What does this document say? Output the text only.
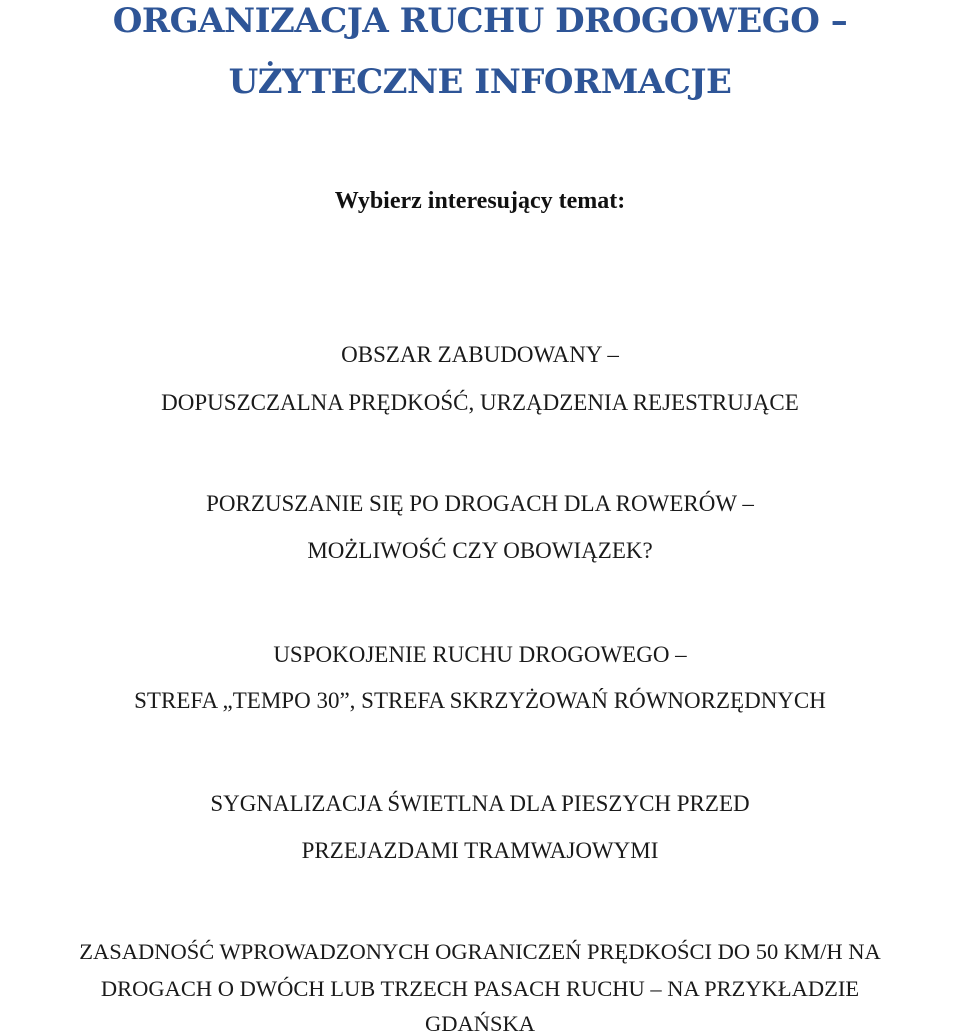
ORGANIZACJA RUCHU DROGOWEGO –
UŻYTECZNE INFORMACJE
Wybierz interesujący temat:
OBSZAR ZABUDOWANY –
DOPUSZCZALNA PRĘDKOŚĆ, URZĄDZENIA REJESTRUJĄCE
PORZUSZANIE SIĘ PO DROGACH DLA ROWERÓW –
MOŻLIWOŚĆ CZY OBOWIĄZEK?
USPOKOJENIE RUCHU DROGOWEGO –
STREFA „TEMPO 30”, STREFA SKRZYŻOWAŃ RÓWNORZĘDNYCH
SYGNALIZACJA ŚWIETLNA DLA PIESZYCH PRZED
PRZEJAZDAMI TRAMWAJOWYMI
ZASADNOŚĆ WPROWADZONYCH OGRANICZEŃ PRĘDKOŚCI DO 50 KM/H NA
DROGACH O DWÓCH LUB TRZECH PASACH RUCHU – NA PRZYKŁADZIE
GDAŃSKA
